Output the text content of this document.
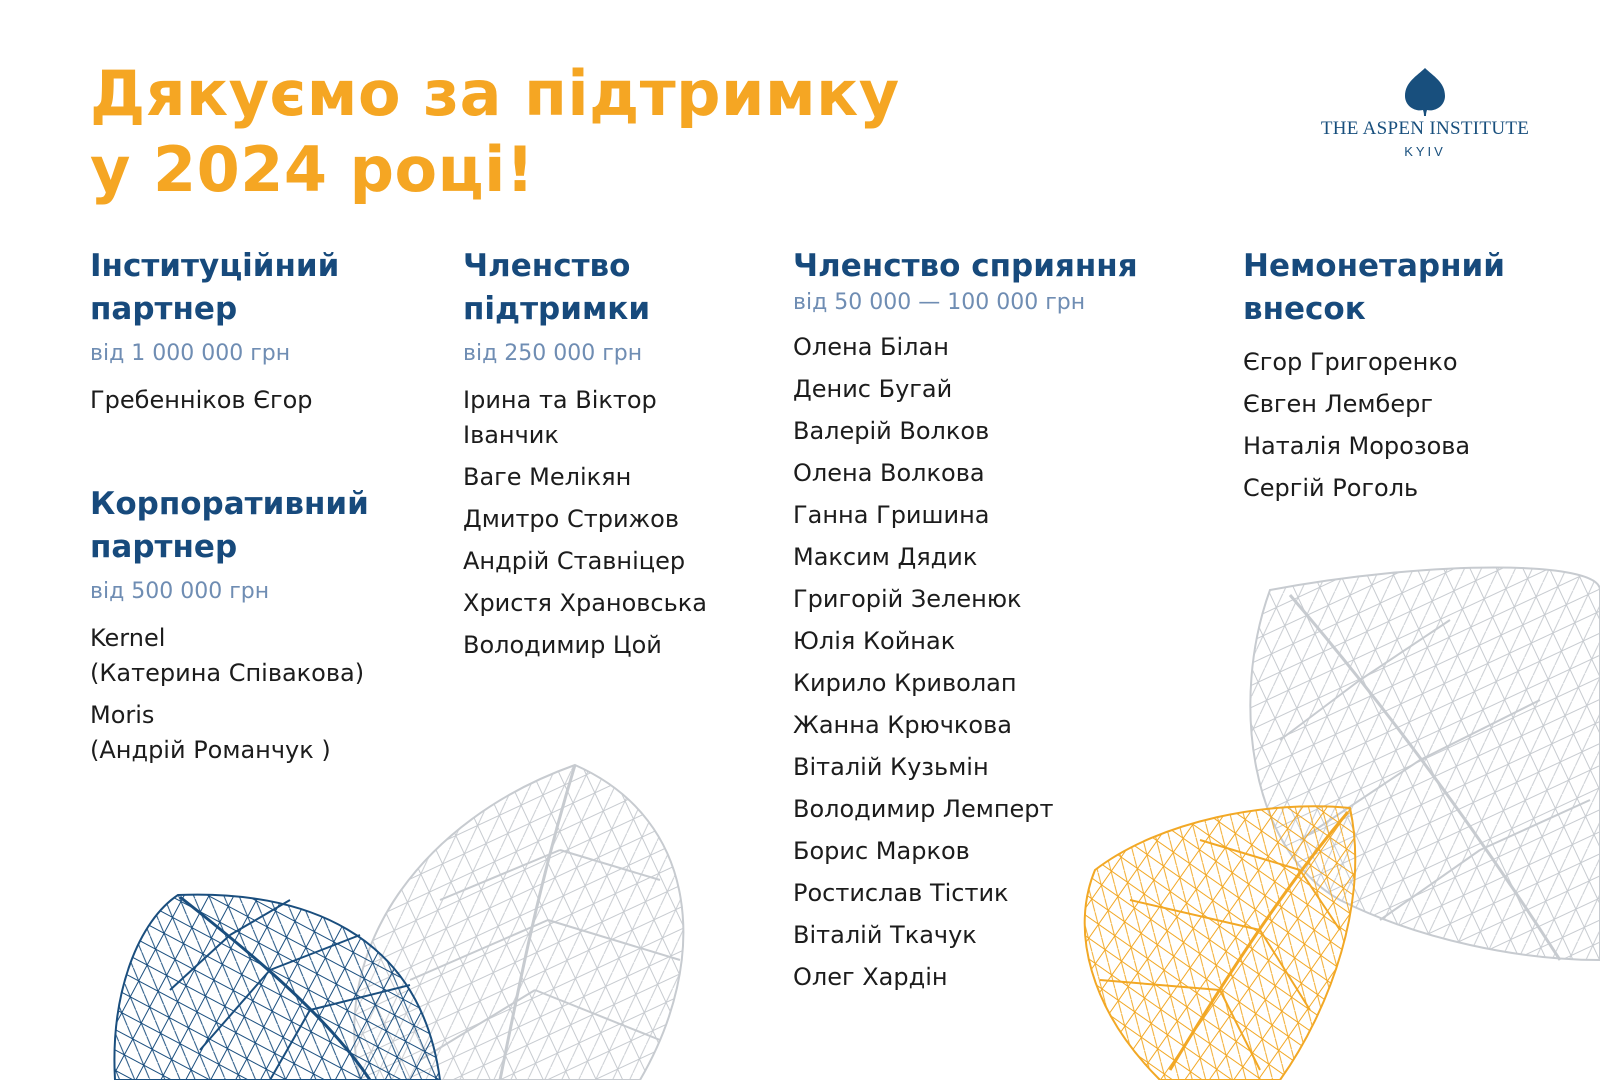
Дякуємо за підтримку
у 2024 році!
THE ASPEN INSTITUTE
KYIV
Інституційний
партнер
від 1 000 000 грн
Гребенніков Єгор
Корпоративний
партнер
від 500 000 грн
Kernel
(Катерина Співакова)
Moris
(Андрій Романчук )
Членство
підтримки
від 250 000 грн
Ірина та Віктор
Іванчик
Ваге Мелікян
Дмитро Стрижов
Андрій Ставніцер
Христя Храновська
Володимир Цой
Членство сприяння
від 50 000 — 100 000 грн
Олена Білан
Денис Бугай
Валерій Волков
Олена Волкова
Ганна Гришина
Максим Дядик
Григорій Зеленюк
Юлія Койнак
Кирило Криволап
Жанна Крючкова
Віталій Кузьмін
Володимир Лемперт
Борис Марков
Ростислав Тістик
Віталій Ткачук
Олег Хардін
Немонетарний
внесок
Єгор Григоренко
Євген Лемберг
Наталія Морозова
Сергій Роголь
